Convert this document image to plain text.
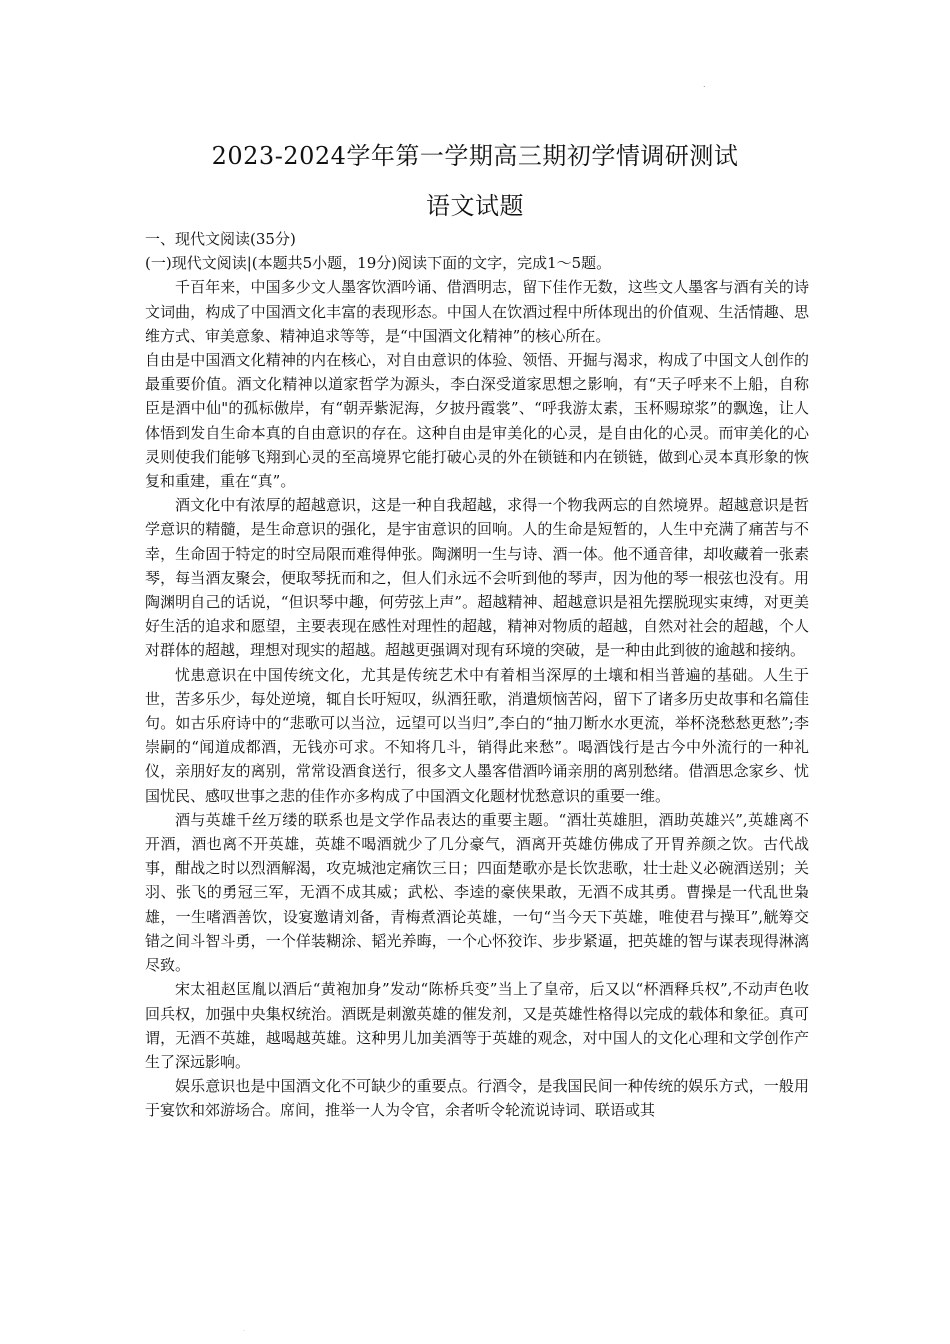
.
2023-2024学年第一学期高三期初学情调研测试
语文试题

一、现代文阅读(35分)

(一)现代文阅读|(本题共5小题，19分)阅读下面的文字，完成1～5题。

千百年来，中国多少文人墨客饮酒吟诵、借酒明志，留下佳作无数，这些文人墨客与酒有关的诗文词曲，构成了中国酒文化丰富的表现形态。中国人在饮酒过程中所体现出的价值观、生活情趣、思维方式、审美意象、精神追求等等，是“中国酒文化精神”的核心所在。

自由是中国酒文化精神的内在核心，对自由意识的体验、领悟、开掘与渴求，构成了中国文人创作的最重要价值。酒文化精神以道家哲学为源头，李白深受道家思想之影响，有“天子呼来不上船，自称臣是酒中仙"的孤标傲岸，有“朝弄紫泥海，夕披丹霞裳”、“呼我游太素，玉杯赐琼浆”的飘逸，让人体悟到发自生命本真的自由意识的存在。这种自由是审美化的心灵，是自由化的心灵。而审美化的心灵则使我们能够飞翔到心灵的至高境界它能打破心灵的外在锁链和内在锁链，做到心灵本真形象的恢复和重建，重在“真”。

酒文化中有浓厚的超越意识，这是一种自我超越，求得一个物我两忘的自然境界。超越意识是哲学意识的精髓，是生命意识的强化，是宇宙意识的回响。人的生命是短暂的，人生中充满了痛苦与不幸，生命固于特定的时空局限而难得伸张。陶渊明一生与诗、酒一体。他不通音律，却收藏着一张素琴，每当酒友聚会，便取琴抚而和之，但人们永远不会听到他的琴声，因为他的琴一根弦也没有。用陶渊明自己的话说，“但识琴中趣，何劳弦上声”。超越精神、超越意识是祖先摆脱现实束缚，对更美好生活的追求和愿望，主要表现在感性对理性的超越，精神对物质的超越，自然对社会的超越，个人对群体的超越，理想对现实的超越。超越更强调对现有环境的突破，是一种由此到彼的逾越和接纳。

忧患意识在中国传统文化，尤其是传统艺术中有着相当深厚的土壤和相当普遍的基础。人生于世，苦多乐少，每处逆境，辄自长吁短叹，纵酒狂歌，消遣烦恼苦闷，留下了诸多历史故事和名篇佳句。如古乐府诗中的“悲歌可以当泣，远望可以当归”,李白的“抽刀断水水更流，举杯浇愁愁更愁”;李崇嗣的“闻道成都酒，无钱亦可求。不知将几斗，销得此来愁”。喝酒饯行是古今中外流行的一种礼仪，亲朋好友的离别，常常设酒食送行，很多文人墨客借酒吟诵亲朋的离别愁绪。借酒思念家乡、忧国忧民、感叹世事之悲的佳作亦多构成了中国酒文化题材忧愁意识的重要一维。

酒与英雄千丝万缕的联系也是文学作品表达的重要主题。“酒壮英雄胆，酒助英雄兴”,英雄离不开酒，酒也离不开英雄，英雄不喝酒就少了几分豪气，酒离开英雄仿佛成了开胃养颜之饮。古代战事，酣战之时以烈酒解渴，攻克城池定痛饮三日；四面楚歌亦是长饮悲歌，壮士赴义必碗酒送别；关羽、张飞的勇冠三军，无酒不成其威；武松、李逵的豪侠果敢，无酒不成其勇。曹操是一代乱世枭雄，一生嗜酒善饮，设宴邀请刘备，青梅煮酒论英雄，一句“当今天下英雄，唯使君与操耳”,觥筹交错之间斗智斗勇，一个佯装糊涂、韬光养晦，一个心怀狡诈、步步紧逼，把英雄的智与谋表现得淋漓尽致。

宋太祖赵匡胤以酒后“黄袍加身”发动“陈桥兵变”当上了皇帝，后又以“杯酒释兵权”,不动声色收回兵权，加强中央集权统治。酒既是刺激英雄的催发剂，又是英雄性格得以完成的载体和象征。真可谓，无酒不英雄，越喝越英雄。这种男儿加美酒等于英雄的观念，对中国人的文化心理和文学创作产生了深远影响。

娱乐意识也是中国酒文化不可缺少的重要点。行酒令，是我国民间一种传统的娱乐方式，一般用于宴饮和郊游场合。席间，推举一人为令官，余者听令轮流说诗词、联语或其

.
